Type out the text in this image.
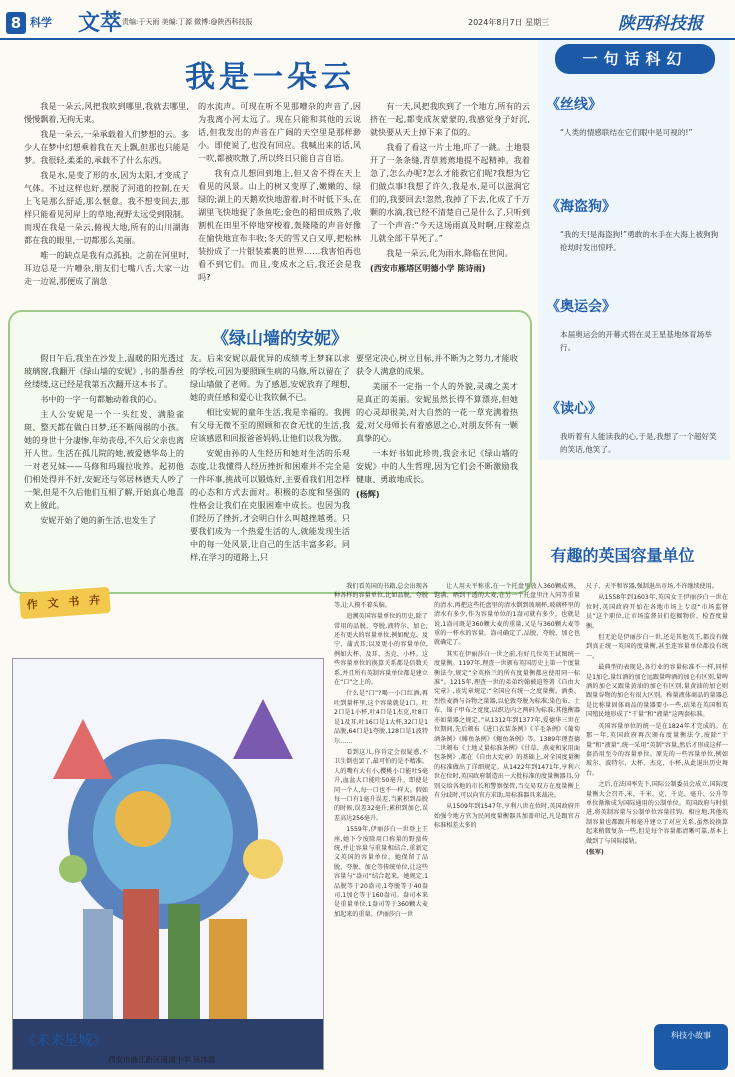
8 科学 文萃 责编:于天雨 美编:丁源 微博:@陕西科技报	2024年8月7日 星期三	陕西科技报
我是一朵云

我是一朵云,风把我吹到哪里,我就去哪里,慢慢飘着,无拘无束。

我是一朵云,一朵承载着人们梦想的云。多少人在梦中幻想乘着我在天上飘,但那也只能是梦。我很轻,柔柔的,承载不了什么东西。

我是水,是变了形的水,因为太阳,才变成了气体。不过这样也好,摆脱了河道的控制,在天上飞是那么舒适,那么惬意。我不想变回去,那样只能看见河岸上的草地,视野太远受到限制。而现在我是一朵云,俯视大地,所有的山川湖海都在我的眼里,一切都那么美丽。

唯一的缺点是我有点孤独。之前在河里时,耳边总是一片嘈杂,朋友们七嘴八舌,大家一边走一边说,那便成了湍急

的水流声。可现在听不见那嘈杂的声音了,因为我离小河太远了。现在只能和其他的云说话,但我发出的声音在广阔的天空里是那样渺小。即使说了,也没有回应。我喊出来的话,风一吹,都被吹散了,所以终日只能自言自语。

我有点儿想回到地上,但又舍不得在天上看见的风景。山上的树又变厚了,嫩嫩的、绿绿的;湖上的天鹅欢快地游着,时不时低下头,在湖里飞快地捉了条鱼吃;金色的稻田成熟了,收割机在田里不停地穿梭着,轰隆隆的声音好像在愉快地宣布丰收;冬天的雪又白又厚,把松林装扮成了一片银装素裹的世界……我害怕再也看不到它们。而且,变成水之后,我还会是我吗?

有一天,风把我吹到了一个地方,所有的云挤在一起,都变成灰蒙蒙的,我感觉身子好沉,就快要从天上掉下来了似的。

我看了看这一片土地,吓了一跳。土地裂开了一条条缝,青草蔫蔫地提不起精神。我着急了,怎么办呢?怎么才能救它们呢?我想为它们做点事!我想了许久,我是水,是可以滋润它们的,我要回去!忽然,我掉了下去,化成了千万颗的水滴,我已经不清楚自己是什么了,只听到了一个声音:“今天这场雨真及时啊,庄稼差点儿就全部干旱死了。”

我是一朵云,化为雨水,降临在世间。

(西安市雁塔区明德小学 陈诗雨)

一句话科幻
《丝线》
“人类的情感联结在它们眼中是可视的!”
《海盗狗》
“我的天!是海盗狗!”勇敢的水手在大海上被狗狗抢劫时发出惊呼。
《奥运会》
本届奥运会的开幕式将在灵王星基地体育场举行。
《读心》
我听着有人能读我的心,于是,我想了一个超好笑的笑话,他笑了。
《绿山墙的安妮》

假日午后,我坐在沙发上,温暖的阳光透过玻璃窗,我翻开《绿山墙的安妮》,书的墨香丝丝缕缕,这已经是我第五次翻开这本书了。

书中的一字一句都触动着我的心。

主人公安妮是一个一头红发、满脸雀斑、整天都在做白日梦,还不断闯祸的小孩。她的身世十分凄惨,年幼丧母,不久后父亲也离开人世。生活在孤儿院的她,被爱德华岛上的一对老兄妹——马修和玛瑞拉收养。起初他们相处得并不好,安妮还与邻居林德夫人吵了一架,但是不久后他们互相了解,开始真心地喜欢上彼此。

安妮开始了她的新生活,也发生了

友。后来安妮以最优异的成绩考上梦寐以求的学校,可因为要照顾生病的马修,所以留在了绿山墙做了老师。为了感恩,安妮放弃了理想,她的责任感和爱心让我钦佩不已。

相比安妮的童年生活,我是幸福的。我拥有父母无微不至的照顾和衣食无忧的生活,我应该感恩和回报爸爸妈妈,让他们以我为傲。

安妮由孙的人生经历和她对生活的乐观态度,让我懂得人经历挫折和困难并不完全是一件坏事,挑战可以锻炼好,主要看我们用怎样的心态和方式去面对。积极的态度和坚强的性格会让我们在克服困难中成长。也因为我们经历了挫折,才会明白什么叫越挫越勇。只要我们成为一个热爱生活的人,就能发现生活中的每一处风景,让自己的生活丰富多彩。同样,在学习的道路上,只

要坚定决心,树立目标,并不断为之努力,才能收获令人满意的成果。

美丽不一定指一个人的外貌,灵魂之美才是真正的美丽。安妮虽然长得不算漂亮,但她的心灵却很美,对大自然的一花一草充满着热爱,对父母师长有着感恩之心,对朋友怀有一颗真挚的心。

一本好书如此珍贵,我会永记《绿山墙的安妮》中的人生哲理,因为它们会不断激励我健康、勇敢地成长。

(杨辉)

作 文 书 卉
有趣的英国容量单位

我们看英国的书籍,总会出现各种各样的容量单位,比如品脱、夸脱等,让人摸不着头脑。

追溯英国容量单位的历史,除了常用的品脱、夸脱,液特尔、加仑;还有更大的容量单位,例如配克、及宁、蒲式耳;以及更小的容量单位,例如大杯、及耳、杰克、小杯。这些容量单位的换算关系都是倍数关系,并且所有英制容量单位都是建立在“口”之上的。

什么是“口”?喝一小口红酒,再吐到量杯里,这个容量就是1口。吐2口是1小杯,吐4口是1杰克,吐8口是1及耳,吐16口是1大杯,32口是1品脱,64口是1夸脱,128口是1波特尔……

看到这儿,你肯定会很疑惑,不卫生倒也罢了,最可怕的是不精准。人的嘴有大有小,樱桃小口能吐5毫升,血盆大口能吐50毫升。即使是同一个人,每一口也不一样大。假如每一口有1毫升误差,当累积到品脱的时候,误差32毫升;累积到加仑,误差高达256毫升。

1559年,伊丽莎白一世登上王座,她下令废除用口称量的野蛮传统,并让容量与重量相结合,重新定义英国的容量单位。她保留了品脱、夸脱、加仑等传统单位,让这些容量与“盎司”结合起来。她规定,1品脱等于20盎司,1夸脱等于40盎司,1加仑等于160盎司。盎司本来是重量单位,1盎司等于360颗大麦加起来的重量。伊丽莎白一世

让人用天平称重,在一个托盘里放入360颗成熟、饱满、晒到干透的大麦,在另一个托盘里注入同等重量的清水,再把这些托盘里的清水倒到玻璃杯,玻璃杯里的清水有多少,作为容量单位的1盎司就有多少。也就是说,1盎司既是360颗大麦的重量,又是与360颗大麦等重的一杯水的容量。盎司确定了,品脱、夸脱、加仑也就确定了。

其实在伊丽莎白一世之前,有好几位英王试图统一度量衡。1197年,理查一世颁布英国历史上第一个度量衡法令,规定“全英格兰的所有度量衡都应使用同一标准”。1215年,理查一世的弟弟约翰被迫签署《自由大宪章》,该宪章规定:“全国应有统一之度量衡。酒类、烈性麦酒与谷物之量器,以伦敦夸脱为标准;染色布、土布、锦子甲布之宽度,以织边内之两码为标准;其他衡器亦如量器之规定。”从1312年到1377年,爱德华三世在位期间,先后颁布《进口衣装条例》《羊毛条例》《葡萄酒条例》《鲱鱼条例》《鲍鱼条例》等。1389年理查德二世颁布《土地丈量标准条例》《甘草、燕麦和家用面包条例》,都在《自由大宪章》的基础上,对全国度量衡的标准做出了详细规定。从1422年到1471年,亨利六世在位时,英国政府制造出一大批标准的度量衡器具,分别交给各地的市长和警察保管,当交易双方在度量衡上有分歧时,可以向官方求助,用标准器具来裁决。

从1509年到1547年,亨利八世在位时,英国政府开始强令地方官为民间度量衡器具加盖印记,凡是跟官方标准相差太多的

尺子、天平和容器,强制退出市场,不许继续使用。

从1558年到1603年,英国女王伊丽莎白一世在位时,英国政府开始在各地市场上专设“市场监督员”这个职位,让市场监督员们挖掘物价、检查度量衡。

但无论是伊丽莎白一世,还是其他英王,都没有做到真正统一英国的度量衡,甚至连容量单位都没有统一。

最典型的表现是,各行业的容量标准不一样,同样是1加仑,量红酒的加仑远跟量啤酒的加仑有区别,量啤酒的加仑又跟量黄油的加仑有区别,量黄油的加仑则跟量谷物的加仑有很大区别。称量液体商品的量器总是比称量固体商品的量器要小一些,结果在英国和英国殖民地形成了“干量”和“液量”这两套标准。

英国容量单位的统一是在1824年才完成的。在那一年,英国政府再次颁布度量衡法令,废除“干量”和“液量”,统一采用“英制”容量,然后才形成这样一套沿用至今的容量单位。原先的一些容量单位,例如玻尔、波特尔、大杯、杰克、小杯,从此退出历史舞台。

之后,在法国率先下,国际公制委员会成立,国际度量衡大会召开,米、千米、克、千克、毫升、公升等单位渐渐成为国际通用的公制单位。英国政府与时俱进,将英制容量与公制单位容量挂钩。相应地,其他英制容量也都跟升和毫升建立了对应关系,虽然说换算起来稍微复杂一些,但是每个容量都清晰可靠,基本上做到了与国际接轨。

(张军)

科技小故事
《未来星城》
西安市曲江新区南湖小学 吴沐晨
